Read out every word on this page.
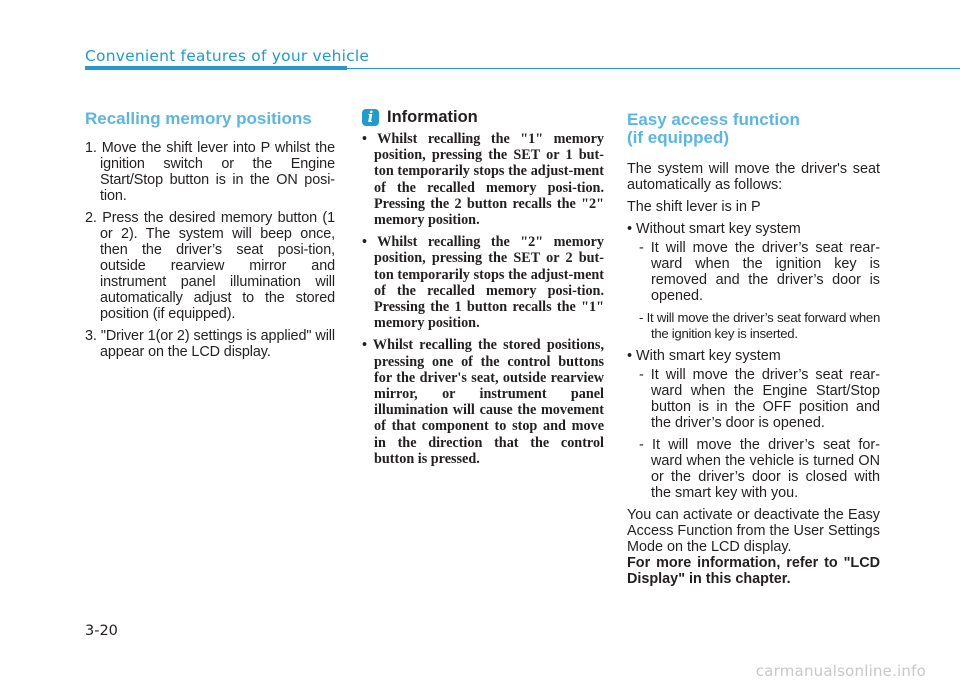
Convenient features of your vehicle
Recalling memory positions
1. Move the shift lever into P whilst the ignition switch or the Engine Start/Stop button is in the ON posi-tion.
2. Press the desired memory button (1 or 2). The system will beep once, then the driver’s seat posi-tion, outside rearview mirror and instrument panel illumination will automatically adjust to the stored position (if equipped).
3. "Driver 1(or 2) settings is applied" will appear on the LCD display.
i Information
• Whilst recalling the "1" memory position, pressing the SET or 1 but-ton temporarily stops the adjust-ment of the recalled memory posi-tion. Pressing the 2 button recalls the "2" memory position.
• Whilst recalling the "2" memory position, pressing the SET or 2 but-ton temporarily stops the adjust-ment of the recalled memory posi-tion. Pressing the 1 button recalls the "1" memory position.
• Whilst recalling the stored positions, pressing one of the control buttons for the driver's seat, outside rearview mirror, or instrument panel illumination will cause the movement of that component to stop and move in the direction that the control button is pressed.
Easy access function
(if equipped)

The system will move the driver's seat automatically as follows:

The shift lever is in P

• Without smart key system

- It will move the driver’s seat rear-ward when the ignition key is removed and the driver’s door is opened.

- It will move the driver’s seat forward when the ignition key is inserted.

• With smart key system

- It will move the driver’s seat rear-ward when the Engine Start/Stop button is in the OFF position and the driver’s door is opened.

- It will move the driver’s seat for-ward when the vehicle is turned ON or the driver’s door is closed with the smart key with you.

You can activate or deactivate the Easy Access Function from the User Settings Mode on the LCD display.

For more information, refer to "LCD Display" in this chapter.

3-20
carmanualsonline.info
